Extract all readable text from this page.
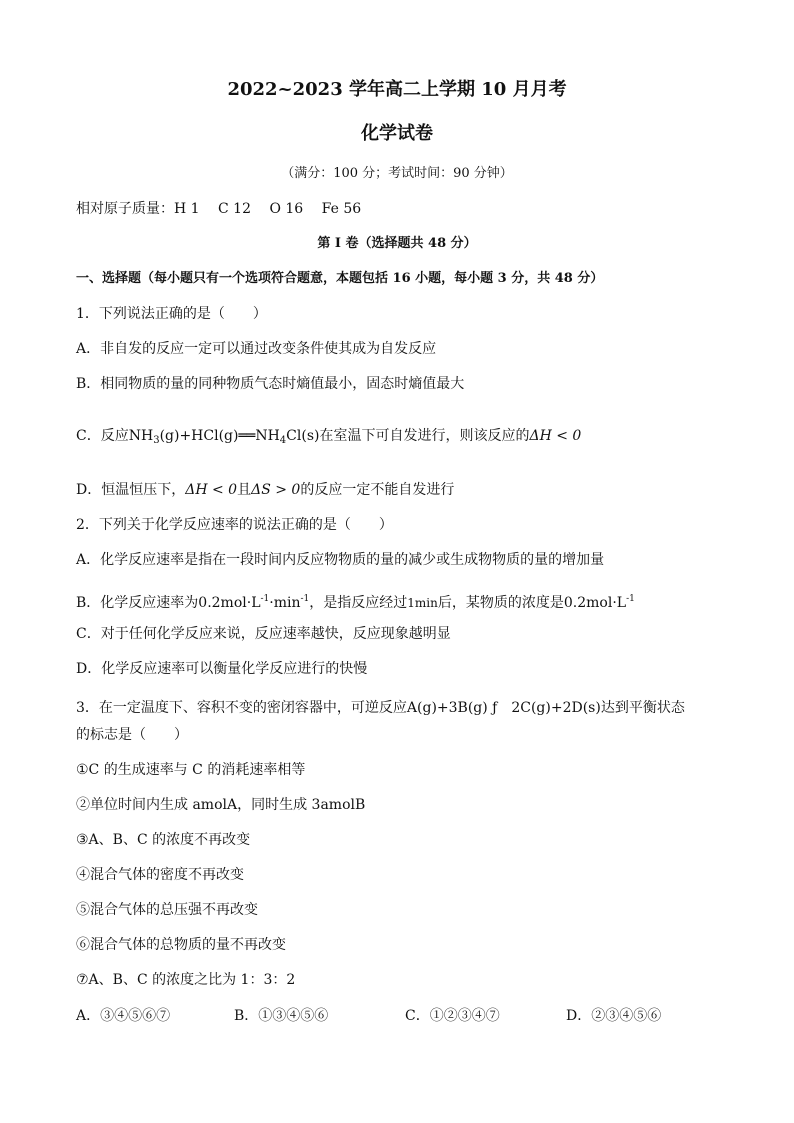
2022~2023 学年高二上学期 10 月月考
化学试卷
（满分：100 分；考试时间：90 分钟）
相对原子质量：H 1　 C 12　 O 16　 Fe 56
第 I 卷（选择题共 48 分）
一、选择题（每小题只有一个选项符合题意，本题包括 16 小题，每小题 3 分，共 48 分）
1．下列说法正确的是（　　）
A．非自发的反应一定可以通过改变条件使其成为自发反应
B．相同物质的量的同种物质气态时熵值最小，固态时熵值最大
C．反应$NH_3(g)+HCl(g)══NH_4Cl(s)$在室温下可自发进行，则该反应的ΔH < 0
D．恒温恒压下，ΔH < 0且ΔS > 0的反应一定不能自发进行
2．下列关于化学反应速率的说法正确的是（　　）
A．化学反应速率是指在一段时间内反应物物质的量的减少或生成物物质的量的增加量
B．化学反应速率为$0.2mol\cdot L^{-1}\cdot\min^{-1}$，是指反应经过1min后，某物质的浓度是$0.2mol\cdot L^{-1}$
C．对于任何化学反应来说，反应速率越快，反应现象越明显
D．化学反应速率可以衡量化学反应进行的快慢
3．在一定温度下、容积不变的密闭容器中，可逆反应A(g)+3B(g) ƒ　2C(g)+2D(s)达到平衡状态
的标志是（　　）
①C 的生成速率与 C 的消耗速率相等
②单位时间内生成 amolA，同时生成 3amolB
③A、B、C 的浓度不再改变
④混合气体的密度不再改变
⑤混合气体的总压强不再改变
⑥混合气体的总物质的量不再改变
⑦A、B、C 的浓度之比为 1：3：2
A．③④⑤⑥⑦	B．①③④⑤⑥	C．①②③④⑦	D．②③④⑤⑥
